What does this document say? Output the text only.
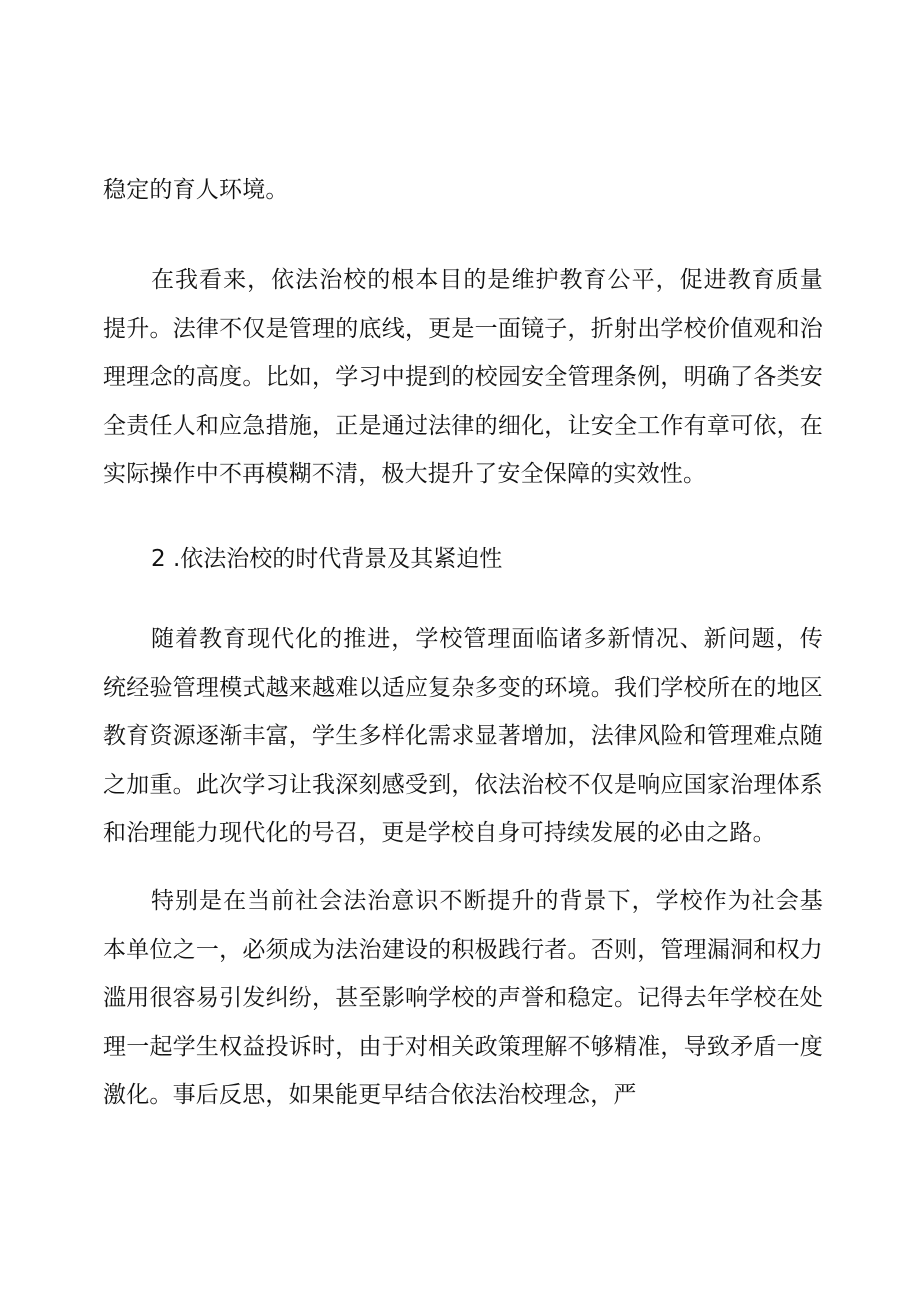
稳定的育人环境。

在我看来，依法治校的根本目的是维护教育公平，促进教育质量提升。法律不仅是管理的底线，更是一面镜子，折射出学校价值观和治理理念的高度。比如，学习中提到的校园安全管理条例，明确了各类安全责任人和应急措施，正是通过法律的细化，让安全工作有章可依，在实际操作中不再模糊不清，极大提升了安全保障的实效性。

2 .依法治校的时代背景及其紧迫性

随着教育现代化的推进，学校管理面临诸多新情况、新问题，传统经验管理模式越来越难以适应复杂多变的环境。我们学校所在的地区教育资源逐渐丰富，学生多样化需求显著增加，法律风险和管理难点随之加重。此次学习让我深刻感受到，依法治校不仅是响应国家治理体系和治理能力现代化的号召，更是学校自身可持续发展的必由之路。

特别是在当前社会法治意识不断提升的背景下，学校作为社会基本单位之一，必须成为法治建设的积极践行者。否则，管理漏洞和权力滥用很容易引发纠纷，甚至影响学校的声誉和稳定。记得去年学校在处理一起学生权益投诉时，由于对相关政策理解不够精准，导致矛盾一度激化。事后反思，如果能更早结合依法治校理念，严
